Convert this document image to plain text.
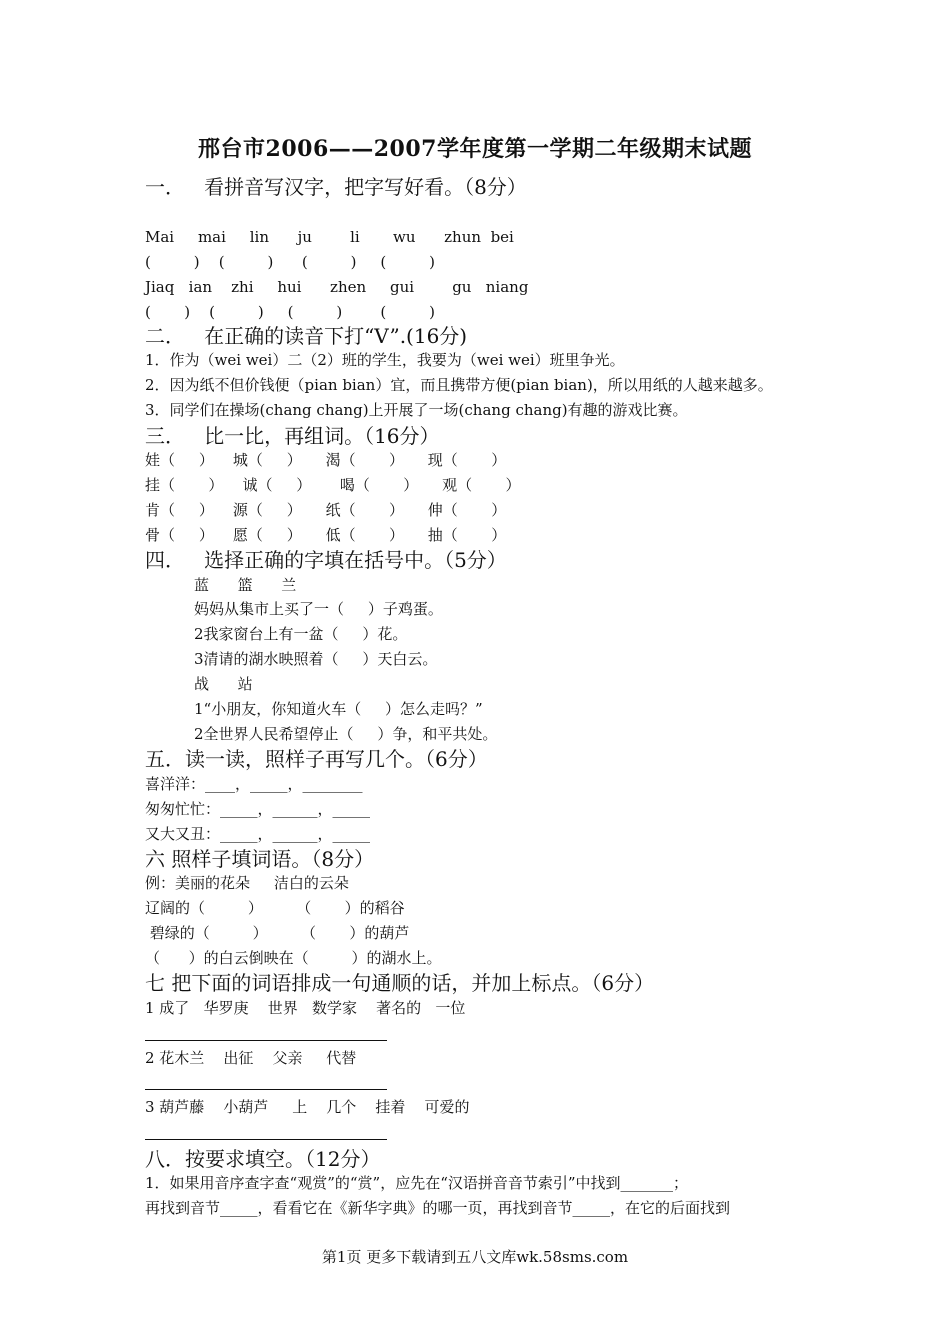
邢台市2006——2007学年度第一学期二年级期末试题
一．   看拼音写汉字，把字写好看。（8分）
Mai     mai     lin      ju        li       wu      zhun  bei
(         )    (         )      (         )     (         )
Jiaq   ian    zhi     hui      zhen     gui        gu   niang
(       )    (         )     (         )        (         )
二．   在正确的读音下打“V”.(16分)
1．作为（wei wei）二（2）班的学生，我要为（wei wei）班里争光。
2．因为纸不但价钱便（pian bian）宜，而且携带方便(pian bian)，所以用纸的人越来越多。
3．同学们在操场(chang chang)上开展了一场(chang chang)有趣的游戏比赛。
三．   比一比，再组词。（16分）
娃（     ）    城（     ）     渴（       ）     现（       ）
挂（       ）    诚（     ）      喝（       ）     观（       ）
肯（     ）    源（     ）     纸（       ）     伸（       ）
骨（     ）    愿（     ）     低（       ）     抽（       ）
四．   选择正确的字填在括号中。（5分）
蓝      篮      兰
妈妈从集市上买了一（     ）子鸡蛋。
2我家窗台上有一盆（     ）花。
3清请的湖水映照着（     ）天白云。
战      站
1“小朋友，你知道火车（     ）怎么走吗？”
2全世界人民希望停止（     ）争，和平共处。
五．读一读，照样子再写几个。（6分）
喜洋洋：____，_____，________
匆匆忙忙：_____，______，_____
又大又丑：_____，______，_____
六 照样子填词语。（8分）
例：美丽的花朵     洁白的云朵
辽阔的（         ）       （       ）的稻谷
碧绿的（         ）       （       ）的葫芦
（      ）的白云倒映在（         ）的湖水上。
七 把下面的词语排成一句通顺的话，并加上标点。（6分）
1 成了   华罗庚    世界   数学家    著名的   一位
2 花木兰    出征    父亲     代替
3 葫芦藤    小葫芦     上    几个    挂着    可爱的
八．按要求填空。（12分）
1．如果用音序查字查“观赏”的“赏”，应先在“汉语拼音音节索引”中找到_______；
再找到音节_____，看看它在《新华字典》的哪一页，再找到音节_____，在它的后面找到
第1页 更多下载请到五八文库wk.58sms.com
